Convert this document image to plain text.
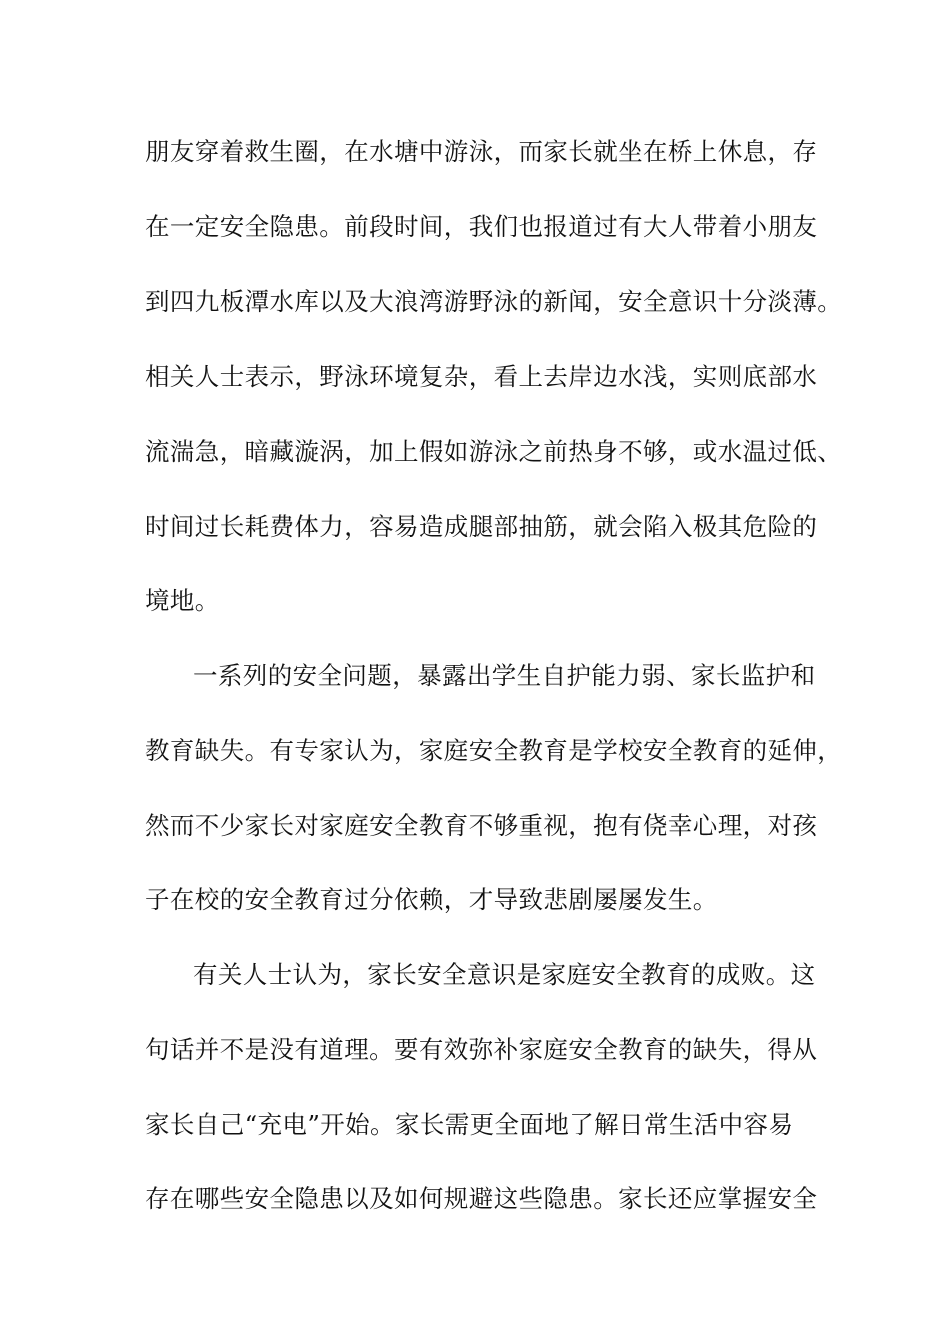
朋友穿着救生圈，在水塘中游泳，而家长就坐在桥上休息，存
在一定安全隐患。前段时间，我们也报道过有大人带着小朋友
到四九板潭水库以及大浪湾游野泳的新闻，安全意识十分淡薄。
相关人士表示，野泳环境复杂，看上去岸边水浅，实则底部水
流湍急，暗藏漩涡，加上假如游泳之前热身不够，或水温过低、
时间过长耗费体力，容易造成腿部抽筋，就会陷入极其危险的
境地。
一系列的安全问题，暴露出学生自护能力弱、家长监护和
教育缺失。有专家认为，家庭安全教育是学校安全教育的延伸，
然而不少家长对家庭安全教育不够重视，抱有侥幸心理，对孩
子在校的安全教育过分依赖，才导致悲剧屡屡发生。
有关人士认为，家长安全意识是家庭安全教育的成败。这
句话并不是没有道理。要有效弥补家庭安全教育的缺失，得从
家长自己“充电”开始。家长需更全面地了解日常生活中容易
存在哪些安全隐患以及如何规避这些隐患。家长还应掌握安全
